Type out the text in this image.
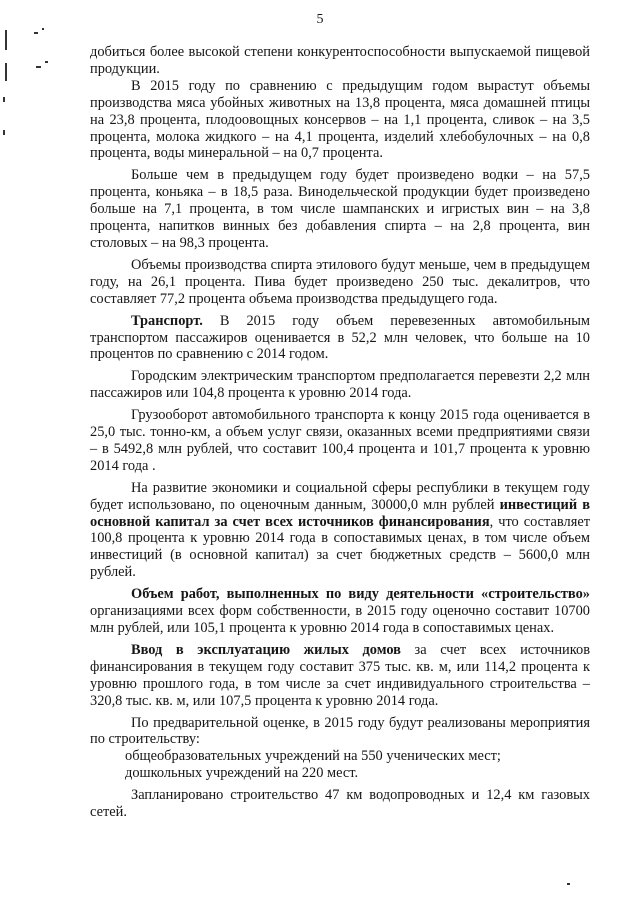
5

добиться более высокой степени конкурентоспособности выпускаемой пищевой продукции.

В 2015 году по сравнению с предыдущим годом вырастут объемы производства мяса убойных животных на 13,8 процента, мяса домашней птицы на 23,8 процента, плодоовощных консервов – на 1,1 процента, сливок – на 3,5 процента, молока жидкого – на 4,1 процента, изделий хлебобулочных – на 0,8 процента, воды минеральной – на 0,7 процента.

Больше чем в предыдущем году будет произведено водки – на 57,5 процента, коньяка – в 18,5 раза. Винодельческой продукции будет произведено больше на 7,1 процента, в том числе шампанских и игристых вин – на 3,8 процента, напитков винных без добавления спирта – на 2,8 процента, вин столовых – на 98,3 процента.

Объемы производства спирта этилового будут меньше, чем в предыдущем году, на 26,1 процента. Пива будет произведено 250 тыс. декалитров, что составляет 77,2 процента объема производства предыдущего года.

Транспорт. В 2015 году объем перевезенных автомобильным транспортом пассажиров оценивается в 52,2 млн человек, что больше на 10 процентов по сравнению с 2014 годом.

Городским электрическим транспортом предполагается перевезти 2,2 млн пассажиров или 104,8 процента к уровню 2014 года.

Грузооборот автомобильного транспорта к концу 2015 года оценивается в 25,0 тыс. тонно-км, а объем услуг связи, оказанных всеми предприятиями связи – в 5492,8 млн рублей, что составит 100,4 процента и 101,7 процента к уровню 2014 года .

На развитие экономики и социальной сферы республики в текущем году будет использовано, по оценочным данным, 30000,0 млн рублей инвестиций в основной капитал за счет всех источников финансирования, что составляет 100,8 процента к уровню 2014 года в сопоставимых ценах, в том числе объем инвестиций (в основной капитал) за счет бюджетных средств – 5600,0 млн рублей.

Объем работ, выполненных по виду деятельности «строительство» организациями всех форм собственности, в 2015 году оценочно составит 10700 млн рублей, или 105,1 процента к уровню 2014 года в сопоставимых ценах.

Ввод в эксплуатацию жилых домов за счет всех источников финансирования в текущем году составит 375 тыс. кв. м, или 114,2 процента к уровню прошлого года, в том числе за счет индивидуального строительства – 320,8 тыс. кв. м, или 107,5 процента к уровню 2014 года.

По предварительной оценке, в 2015 году будут реализованы мероприятия по строительству:

общеобразовательных учреждений на 550 ученических мест;

дошкольных учреждений на 220 мест.

Запланировано строительство 47 км водопроводных и 12,4 км газовых сетей.
